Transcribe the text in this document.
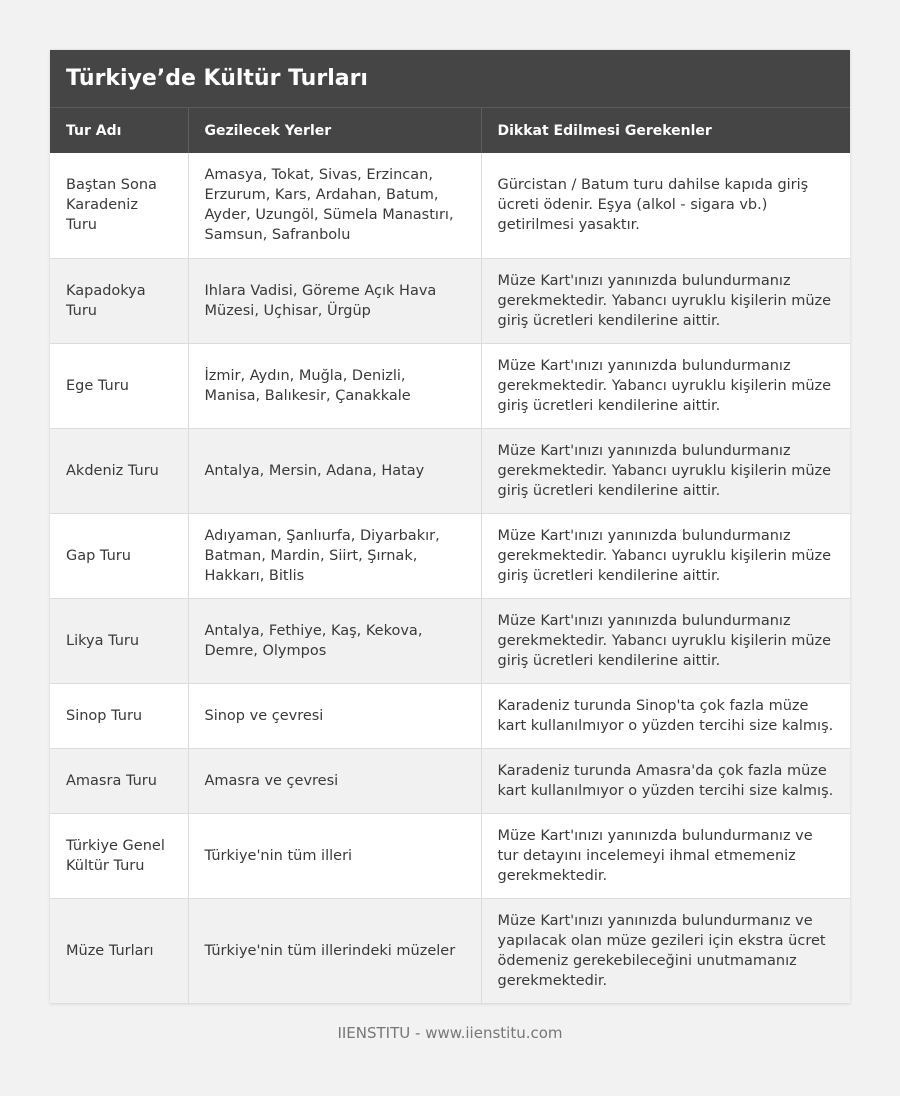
Türkiye’de Kültür Turları
Tur Adı	Gezilecek Yerler	Dikkat Edilmesi Gerekenler
Baştan Sona Karadeniz Turu	Amasya, Tokat, Sivas, Erzincan, Erzurum, Kars, Ardahan, Batum, Ayder, Uzungöl, Sümela Manastırı, Samsun, Safranbolu	Gürcistan / Batum turu dahilse kapıda giriş ücreti ödenir. Eşya (alkol - sigara vb.) getirilmesi yasaktır.
Kapadokya Turu	Ihlara Vadisi, Göreme Açık Hava Müzesi, Uçhisar, Ürgüp	Müze Kart'ınızı yanınızda bulundurmanız gerekmektedir. Yabancı uyruklu kişilerin müze giriş ücretleri kendilerine aittir.
Ege Turu	İzmir, Aydın, Muğla, Denizli, Manisa, Balıkesir, Çanakkale	Müze Kart'ınızı yanınızda bulundurmanız gerekmektedir. Yabancı uyruklu kişilerin müze giriş ücretleri kendilerine aittir.
Akdeniz Turu	Antalya, Mersin, Adana, Hatay	Müze Kart'ınızı yanınızda bulundurmanız gerekmektedir. Yabancı uyruklu kişilerin müze giriş ücretleri kendilerine aittir.
Gap Turu	Adıyaman, Şanlıurfa, Diyarbakır, Batman, Mardin, Siirt, Şırnak, Hakkarı, Bitlis	Müze Kart'ınızı yanınızda bulundurmanız gerekmektedir. Yabancı uyruklu kişilerin müze giriş ücretleri kendilerine aittir.
Likya Turu	Antalya, Fethiye, Kaş, Kekova, Demre, Olympos	Müze Kart'ınızı yanınızda bulundurmanız gerekmektedir. Yabancı uyruklu kişilerin müze giriş ücretleri kendilerine aittir.
Sinop Turu	Sinop ve çevresi	Karadeniz turunda Sinop'ta çok fazla müze kart kullanılmıyor o yüzden tercihi size kalmış.
Amasra Turu	Amasra ve çevresi	Karadeniz turunda Amasra'da çok fazla müze kart kullanılmıyor o yüzden tercihi size kalmış.
Türkiye Genel Kültür Turu	Türkiye'nin tüm illeri	Müze Kart'ınızı yanınızda bulundurmanız ve tur detayını incelemeyi ihmal etmemeniz gerekmektedir.
Müze Turları	Türkiye'nin tüm illerindeki müzeler	Müze Kart'ınızı yanınızda bulundurmanız ve yapılacak olan müze gezileri için ekstra ücret ödemeniz gerekebileceğini unutmamanız gerekmektedir.
IIENSTITU - www.iienstitu.com
